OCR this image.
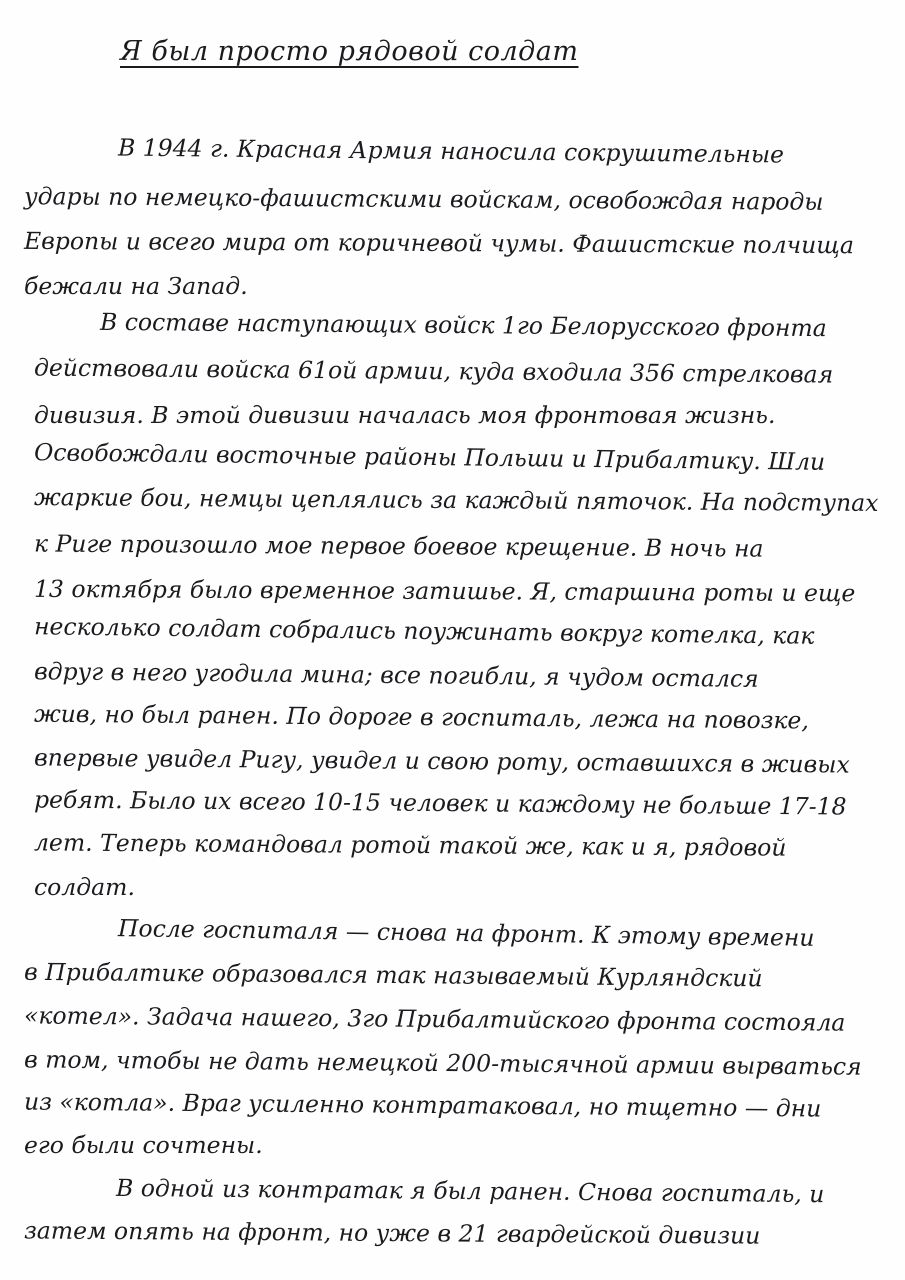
Я был просто рядовой солдат
В 1944 г. Красная Армия наносила сокрушительные
удары по немецко-фашистскими войскам, освобождая народы
Европы и всего мира от коричневой чумы. Фашистские полчища
бежали на Запад.
В составе наступающих войск 1го Белорусского фронта
действовали войска 61ой армии, куда входила 356 стрелковая
дивизия. В этой дивизии началась моя фронтовая жизнь.
Освобождали восточные районы Польши и Прибалтику. Шли
жаркие бои, немцы цеплялись за каждый пяточок. На подступах
к Риге произошло мое первое боевое крещение. В ночь на
13 октября было временное затишье. Я, старшина роты и еще
несколько солдат собрались поужинать вокруг котелка, как
вдруг в него угодила мина; все погибли, я чудом остался
жив, но был ранен. По дороге в госпиталь, лежа на повозке,
впервые увидел Ригу, увидел и свою роту, оставшихся в живых
ребят. Было их всего 10-15 человек и каждому не больше 17-18
лет. Теперь командовал ротой такой же, как и я, рядовой
солдат.
После госпиталя — снова на фронт. К этому времени
в Прибалтике образовался так называемый Курляндский
«котел». Задача нашего, 3го Прибалтийского фронта состояла
в том, чтобы не дать немецкой 200-тысячной армии вырваться
из «котла». Враг усиленно контратаковал, но тщетно — дни
его были сочтены.
В одной из контратак я был ранен. Снова госпиталь, и
затем опять на фронт, но уже в 21 гвардейской дивизии
